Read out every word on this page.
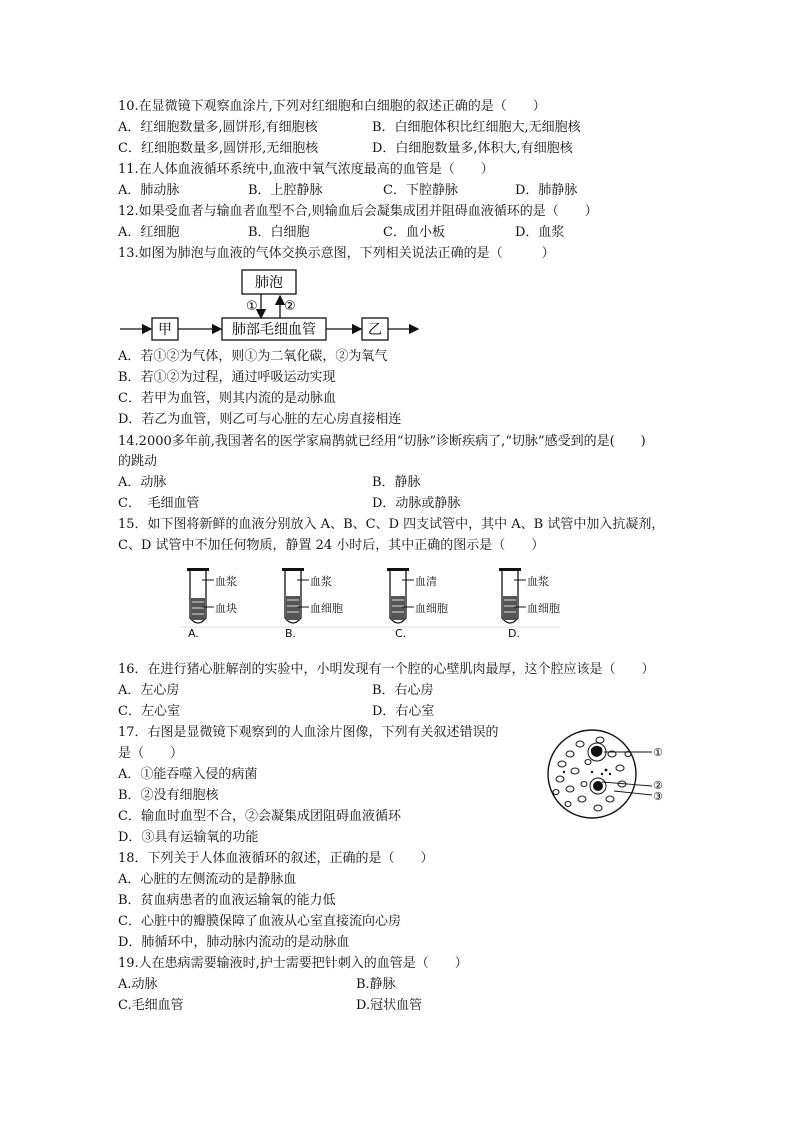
10.在显微镜下观察血涂片,下列对红细胞和白细胞的叙述正确的是（　　）
A．红细胞数量多,圆饼形,有细胞核	B．白细胞体积比红细胞大,无细胞核
C．红细胞数量多,圆饼形,无细胞核	D．白细胞数量多,体积大,有细胞核
11.在人体血液循环系统中,血液中氧气浓度最高的血管是（　　）
A．肺动脉	B．上腔静脉	C．下腔静脉	D．肺静脉
12.如果受血者与输血者血型不合,则输血后会凝集成团并阻碍血液循环的是（　　）
A．红细胞	B．白细胞	C．血小板	D．血浆
13.如图为肺泡与血液的气体交换示意图，下列相关说法正确的是（　　　）
肺泡
① ②
肺部毛细血管
甲	乙
A．若①②为气体，则①为二氧化碳，②为氧气
B．若①②为过程，通过呼吸运动实现
C．若甲为血管，则其内流的是动脉血
D．若乙为血管，则乙可与心脏的左心房直接相连
14.2000多年前,我国著名的医学家扁鹊就已经用“切脉”诊断疾病了,“切脉”感受到的是(　　)
的跳动
A．动脉	B．静脉
C．　毛细血管	D．动脉或静脉
15．如下图将新鲜的血液分别放入 A、B、C、D 四支试管中，其中 A、B 试管中加入抗凝剂，
C、D 试管中不加任何物质，静置 24 小时后，其中正确的图示是（　　）
血浆
血块
A.
血浆
血细胞
B.
血清
血细胞
C.
血浆
血细胞
D.
16．在进行猪心脏解剖的实验中，小明发现有一个腔的心壁肌肉最厚，这个腔应该是（　　）
A．左心房	B．右心房
C．左心室	D．右心室
17．右图是显微镜下观察到的人血涂片图像，下列有关叙述错误的
是（　　）
A．①能吞噬入侵的病菌
B．②没有细胞核
C．输血时血型不合，②会凝集成团阻碍血液循环
D．③具有运输氧的功能
①
②
③
18．下列关于人体血液循环的叙述，正确的是（　　）
A．心脏的左侧流动的是静脉血
B．贫血病患者的血液运输氧的能力低
C．心脏中的瓣膜保障了血液从心室直接流向心房
D．肺循环中，肺动脉内流动的是动脉血
19.人在患病需要输液时,护士需要把针刺入的血管是（　　）
A.动脉	B.静脉
C.毛细血管	D.冠状血管
